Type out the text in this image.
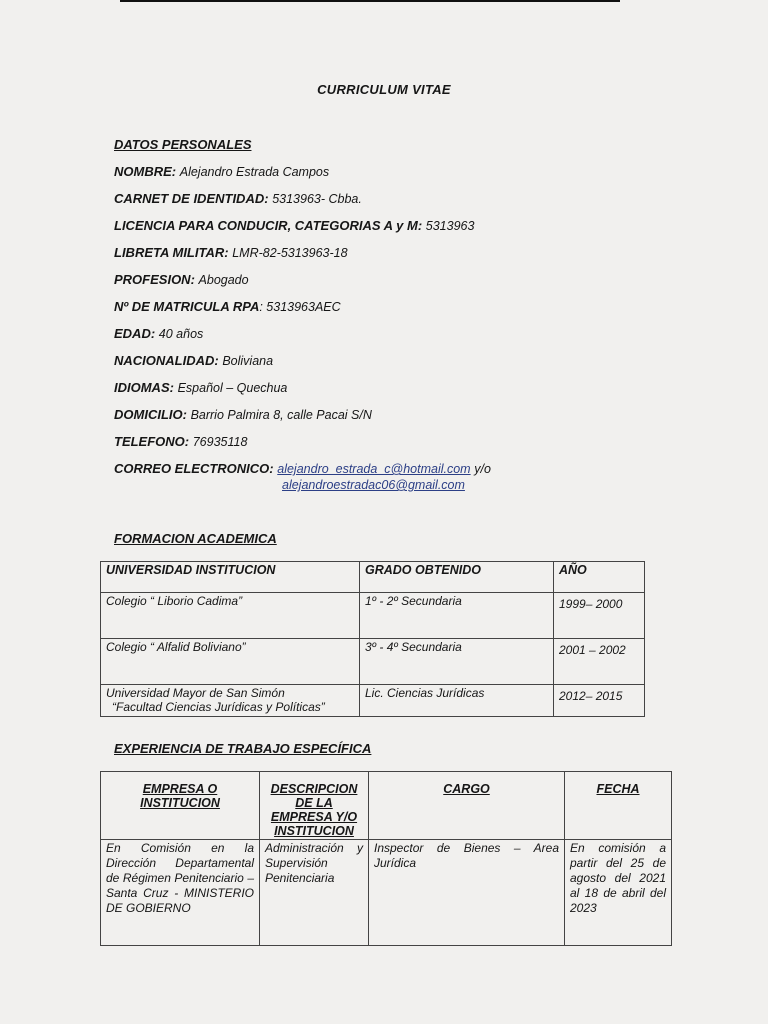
CURRICULUM VITAE
DATOS PERSONALES
NOMBRE: Alejandro Estrada Campos
CARNET DE IDENTIDAD: 5313963- Cbba.
LICENCIA PARA CONDUCIR, CATEGORIAS A y M: 5313963
LIBRETA MILITAR: LMR-82-5313963-18
PROFESION: Abogado
Nº DE MATRICULA RPA: 5313963AEC
EDAD: 40 años
NACIONALIDAD: Boliviana
IDIOMAS: Español – Quechua
DOMICILIO: Barrio Palmira 8, calle Pacai S/N
TELEFONO: 76935118
CORREO ELECTRONICO: alejandro_estrada_c@hotmail.com y/o
alejandroestradac06@gmail.com
FORMACION ACADEMICA
UNIVERSIDAD INSTITUCION	GRADO OBTENIDO	AÑO

Colegio “ Liborio Cadima”	1º - 2º Secundaria	1999– 2000

Colegio “ Alfalid Boliviano”	3º - 4º Secundaria	2001 – 2002

Universidad Mayor de San Simón
“Facultad Ciencias Jurídicas y Políticas”	Lic. Ciencias Jurídicas	2012– 2015
EXPERIENCIA DE TRABAJO ESPECÍFICA
EMPRESA O INSTITUCION	DESCRIPCION DE LA EMPRESA Y/O INSTITUCION	CARGO	FECHA
En Comisión en la Dirección Departamental de Régimen Penitenciario – Santa Cruz - MINISTERIO DE GOBIERNO	Administración y Supervisión Penitenciaria	Inspector de Bienes – Area Jurídica	En comisión a partir del 25 de agosto del 2021 al 18 de abril del 2023
